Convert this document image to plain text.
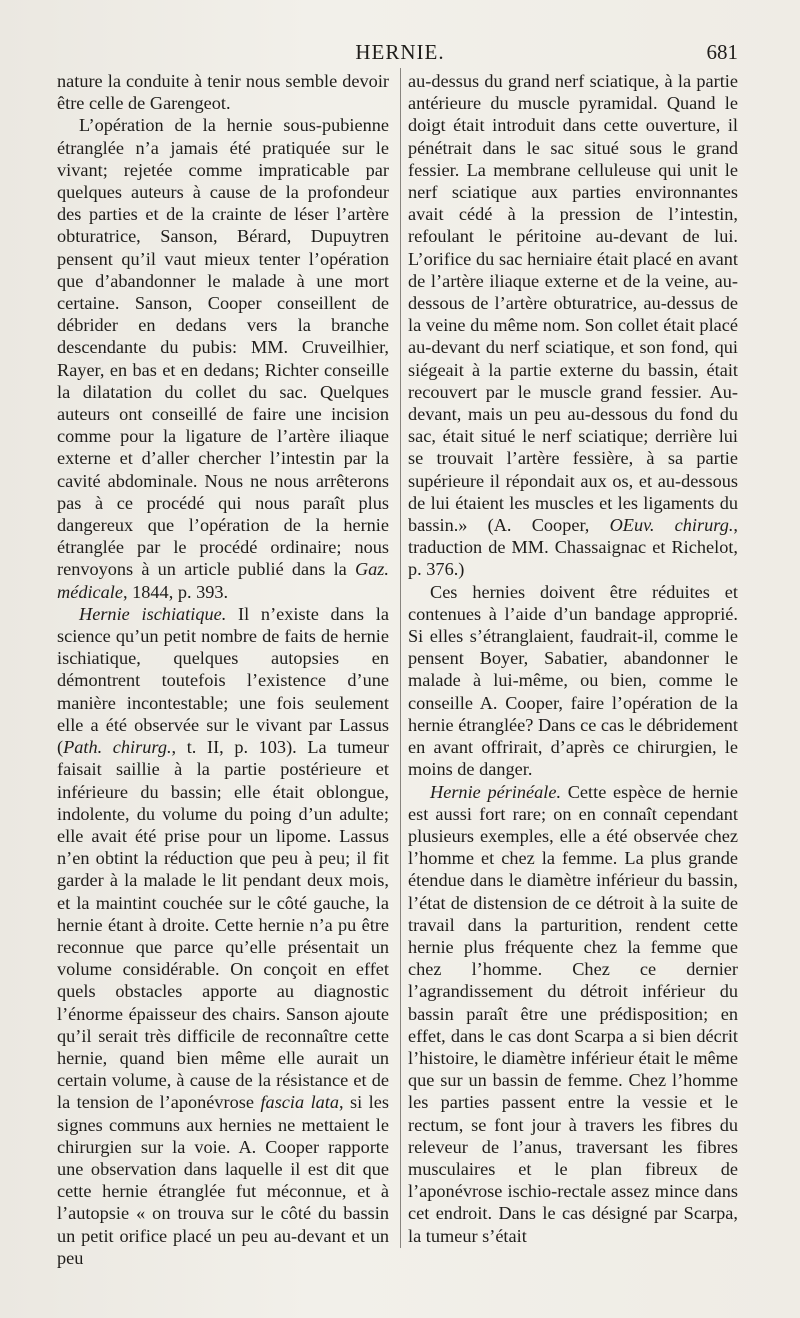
HERNIE.	681

nature la conduite à tenir nous semble devoir être celle de Garengeot.

L’opération de la hernie sous-pubienne étranglée n’a jamais été pratiquée sur le vivant; rejetée comme impraticable par quelques auteurs à cause de la profondeur des parties et de la crainte de léser l’artère obturatrice, Sanson, Bérard, Dupuytren pensent qu’il vaut mieux tenter l’opération que d’abandonner le malade à une mort certaine. Sanson, Cooper conseillent de débrider en dedans vers la branche descendante du pubis: MM. Cruveilhier, Rayer, en bas et en dedans; Richter conseille la dilatation du collet du sac. Quelques auteurs ont conseillé de faire une incision comme pour la ligature de l’artère iliaque externe et d’aller chercher l’intestin par la cavité abdominale. Nous ne nous arrêterons pas à ce procédé qui nous paraît plus dangereux que l’opération de la hernie étranglée par le procédé ordinaire; nous renvoyons à un article publié dans la Gaz. médicale, 1844, p. 393.

Hernie ischiatique. Il n’existe dans la science qu’un petit nombre de faits de hernie ischiatique, quelques autopsies en démontrent toutefois l’existence d’une manière incontestable; une fois seulement elle a été observée sur le vivant par Lassus (Path. chirurg., t. II, p. 103). La tumeur faisait saillie à la partie postérieure et inférieure du bassin; elle était oblongue, indolente, du volume du poing d’un adulte; elle avait été prise pour un lipome. Lassus n’en obtint la réduction que peu à peu; il fit garder à la malade le lit pendant deux mois, et la maintint couchée sur le côté gauche, la hernie étant à droite. Cette hernie n’a pu être reconnue que parce qu’elle présentait un volume considérable. On conçoit en effet quels obstacles apporte au diagnostic l’énorme épaisseur des chairs. Sanson ajoute qu’il serait très difficile de reconnaître cette hernie, quand bien même elle aurait un certain volume, à cause de la résistance et de la tension de l’aponévrose fascia lata, si les signes communs aux hernies ne mettaient le chirurgien sur la voie. A. Cooper rapporte une observation dans laquelle il est dit que cette hernie étranglée fut méconnue, et à l’autopsie « on trouva sur le côté du bassin un petit orifice placé un peu au-devant et un peu

au-dessus du grand nerf sciatique, à la partie antérieure du muscle pyramidal. Quand le doigt était introduit dans cette ouverture, il pénétrait dans le sac situé sous le grand fessier. La membrane celluleuse qui unit le nerf sciatique aux parties environnantes avait cédé à la pression de l’intestin, refoulant le péritoine au-devant de lui. L’orifice du sac herniaire était placé en avant de l’artère iliaque externe et de la veine, au-dessous de l’artère obturatrice, au-dessus de la veine du même nom. Son collet était placé au-devant du nerf sciatique, et son fond, qui siégeait à la partie externe du bassin, était recouvert par le muscle grand fessier. Au-devant, mais un peu au-dessous du fond du sac, était situé le nerf sciatique; derrière lui se trouvait l’artère fessière, à sa partie supérieure il répondait aux os, et au-dessous de lui étaient les muscles et les ligaments du bassin.» (A. Cooper, OEuv. chirurg., traduction de MM. Chassaignac et Richelot, p. 376.)

Ces hernies doivent être réduites et contenues à l’aide d’un bandage approprié. Si elles s’étranglaient, faudrait-il, comme le pensent Boyer, Sabatier, abandonner le malade à lui-même, ou bien, comme le conseille A. Cooper, faire l’opération de la hernie étranglée? Dans ce cas le débridement en avant offrirait, d’après ce chirurgien, le moins de danger.

Hernie périnéale. Cette espèce de hernie est aussi fort rare; on en connaît cependant plusieurs exemples, elle a été observée chez l’homme et chez la femme. La plus grande étendue dans le diamètre inférieur du bassin, l’état de distension de ce détroit à la suite de travail dans la parturition, rendent cette hernie plus fréquente chez la femme que chez l’homme. Chez ce dernier l’agrandissement du détroit inférieur du bassin paraît être une prédisposition; en effet, dans le cas dont Scarpa a si bien décrit l’histoire, le diamètre inférieur était le même que sur un bassin de femme. Chez l’homme les parties passent entre la vessie et le rectum, se font jour à travers les fibres du releveur de l’anus, traversant les fibres musculaires et le plan fibreux de l’aponévrose ischio-rectale assez mince dans cet endroit. Dans le cas désigné par Scarpa, la tumeur s’était
